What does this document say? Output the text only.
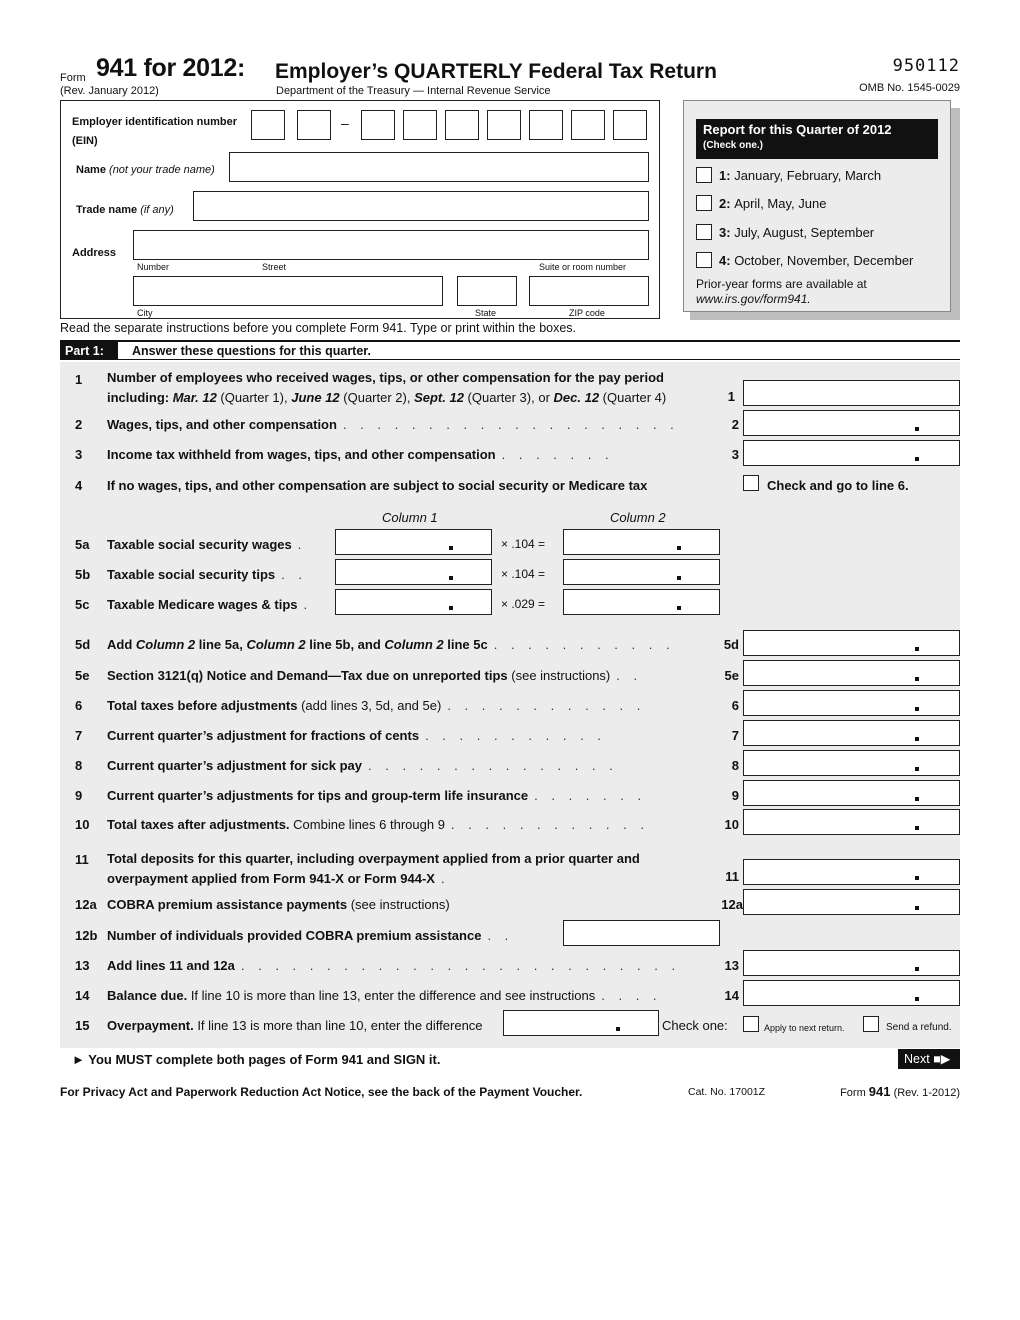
Form 941 for 2012: Employer’s QUARTERLY Federal Tax Return
(Rev. January 2012)	Department of the Treasury — Internal Revenue Service
950112
OMB No. 1545-0029
Employer identification number
(EIN)
–
Name (not your trade name)
Trade name (if any)
Address
Number	Street	Suite or room number
City	State	ZIP code
Report for this Quarter of 2012
(Check one.)
1:
January, February, March
2:
April, May, June
3:
July, August, September
4:
October, November, December
Prior-year forms are available at
www.irs.gov/form941.
Read the separate instructions before you complete Form 941. Type or print within the boxes.
Part 1:	Answer these questions for this quarter.
1 Number of employees who received wages, tips, or other compensation for the pay period
including: Mar. 12 (Quarter 1), June 12 (Quarter 2), Sept. 12 (Quarter 3), or Dec. 12 (Quarter 4)	1
2 Wages, tips, and other compensation . . . . . . . . . . . . . . . . . . . .	2
3 Income tax withheld from wages, tips, and other compensation . . . . . . .	3
4 If no wages, tips, and other compensation are subject to social security or Medicare tax	Check and go to line 6.
Column 1	Column 2
5a Taxable social security wages .	× .104 =
5b Taxable social security tips . .	× .104 =
5c Taxable Medicare wages & tips .	× .029 =
5d Add Column 2 line 5a, Column 2 line 5b, and Column 2 line 5c . . . . . . . . . . .	5d
5e Section 3121(q) Notice and Demand—Tax due on unreported tips (see instructions) . .	5e
6 Total taxes before adjustments (add lines 3, 5d, and 5e) . . . . . . . . . . . .	6
7 Current quarter’s adjustment for fractions of cents . . . . . . . . . . .	7
8 Current quarter’s adjustment for sick pay . . . . . . . . . . . . . . .	8
9 Current quarter’s adjustments for tips and group-term life insurance . . . . . . .	9
10 Total taxes after adjustments. Combine lines 6 through 9 . . . . . . . . . . . .	10
11 Total deposits for this quarter, including overpayment applied from a prior quarter and
overpayment applied from Form 941-X or Form 944-X .	11
12a COBRA premium assistance payments (see instructions)	12a
12b Number of individuals provided COBRA premium assistance . .
13 Add lines 11 and 12a . . . . . . . . . . . . . . . . . . . . . . . . . .	13
14 Balance due. If line 10 is more than line 13, enter the difference and see instructions . . . .	14
15 Overpayment. If line 13 is more than line 10, enter the difference	Check one:	Apply to next return.	Send a refund.
► You MUST complete both pages of Form 941 and SIGN it.	Next ■▶
For Privacy Act and Paperwork Reduction Act Notice, see the back of the Payment Voucher.	Cat. No. 17001Z	Form 941 (Rev. 1-2012)
